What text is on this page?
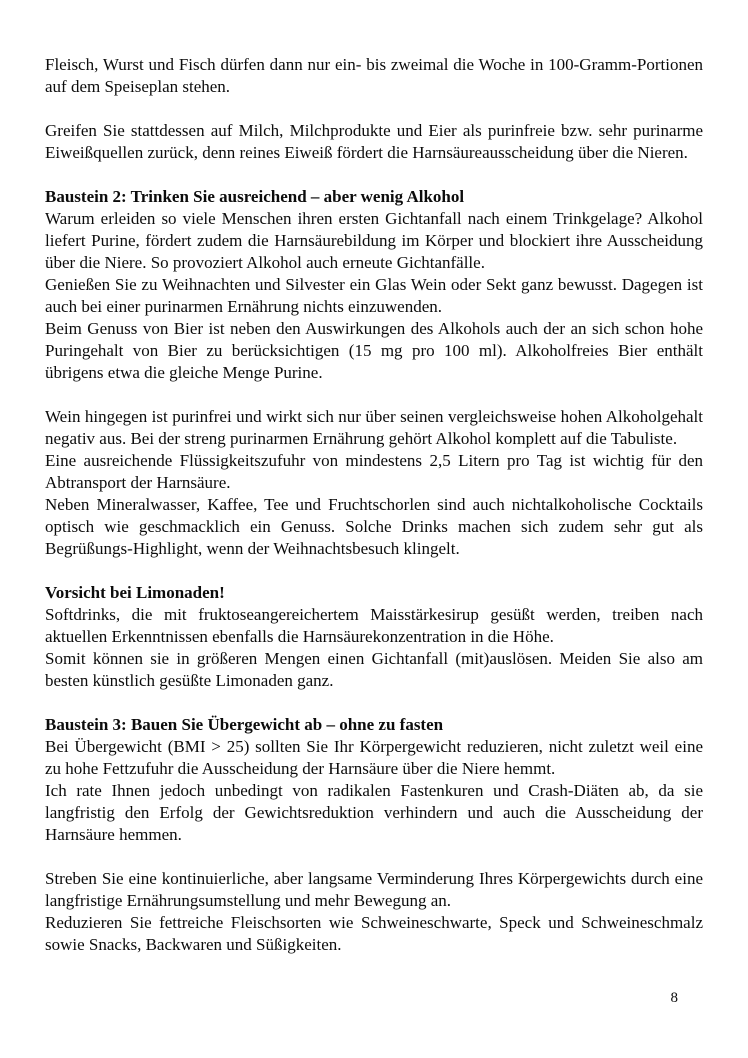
Fleisch, Wurst und Fisch dürfen dann nur ein- bis zweimal die Woche in 100-Gramm-Portionen auf dem Speiseplan stehen.

Greifen Sie stattdessen auf Milch, Milchprodukte und Eier als purinfreie bzw. sehr purinarme Eiweißquellen zurück, denn reines Eiweiß fördert die Harnsäureausscheidung über die Nieren.

Baustein 2: Trinken Sie ausreichend – aber wenig Alkohol

Warum erleiden so viele Menschen ihren ersten Gichtanfall nach einem Trinkgelage? Alkohol liefert Purine, fördert zudem die Harnsäurebildung im Körper und blockiert ihre Ausscheidung über die Niere. So provoziert Alkohol auch erneute Gichtanfälle.

Genießen Sie zu Weihnachten und Silvester ein Glas Wein oder Sekt ganz bewusst. Dagegen ist auch bei einer purinarmen Ernährung nichts einzuwenden.

Beim Genuss von Bier ist neben den Auswirkungen des Alkohols auch der an sich schon hohe Puringehalt von Bier zu berücksichtigen (15 mg pro 100 ml). Alkoholfreies Bier enthält übrigens etwa die gleiche Menge Purine.

Wein hingegen ist purinfrei und wirkt sich nur über seinen vergleichsweise hohen Alkoholgehalt negativ aus. Bei der streng purinarmen Ernährung gehört Alkohol komplett auf die Tabuliste.

Eine ausreichende Flüssigkeitszufuhr von mindestens 2,5 Litern pro Tag ist wichtig für den Abtransport der Harnsäure.

Neben Mineralwasser, Kaffee, Tee und Fruchtschorlen sind auch nichtalkoholische Cocktails optisch wie geschmacklich ein Genuss. Solche Drinks machen sich zudem sehr gut als Begrüßungs-Highlight, wenn der Weihnachtsbesuch klingelt.

Vorsicht bei Limonaden!

Softdrinks, die mit fruktoseangereichertem Maisstärkesirup gesüßt werden, treiben nach aktuellen Erkenntnissen ebenfalls die Harnsäurekonzentration in die Höhe.

Somit können sie in größeren Mengen einen Gichtanfall (mit)auslösen. Meiden Sie also am besten künstlich gesüßte Limonaden ganz.

Baustein 3: Bauen Sie Übergewicht ab – ohne zu fasten

Bei Übergewicht (BMI > 25) sollten Sie Ihr Körpergewicht reduzieren, nicht zuletzt weil eine zu hohe Fettzufuhr die Ausscheidung der Harnsäure über die Niere hemmt.

Ich rate Ihnen jedoch unbedingt von radikalen Fastenkuren und Crash-Diäten ab, da sie langfristig den Erfolg der Gewichtsreduktion verhindern und auch die Ausscheidung der Harnsäure hemmen.

Streben Sie eine kontinuierliche, aber langsame Verminderung Ihres Körpergewichts durch eine langfristige Ernährungsumstellung und mehr Bewegung an.

Reduzieren Sie fettreiche Fleischsorten wie Schweineschwarte, Speck und Schweineschmalz sowie Snacks, Backwaren und Süßigkeiten.

8
